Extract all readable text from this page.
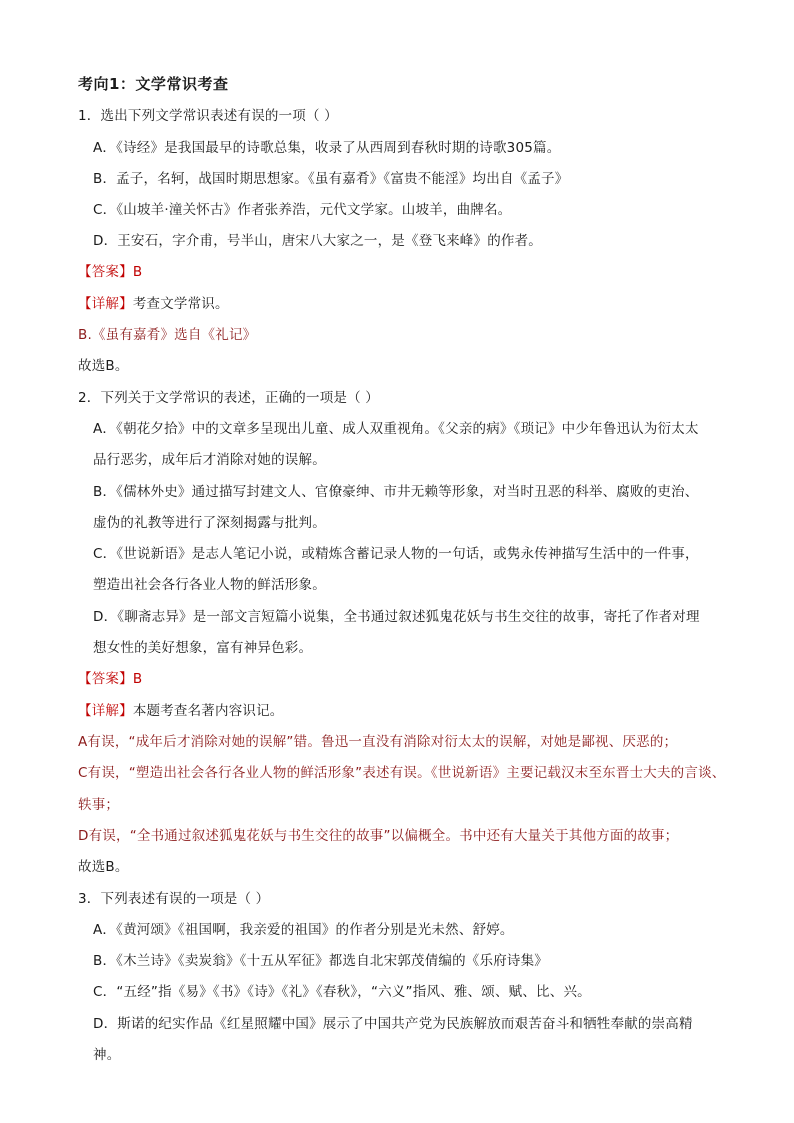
考向1：文学常识考查
1．选出下列文学常识表述有误的一项（ ）
A．《诗经》是我国最早的诗歌总集，收录了从西周到春秋时期的诗歌305篇。
B．孟子，名轲，战国时期思想家。《虽有嘉肴》《富贵不能淫》均出自《孟子》
C．《山坡羊·潼关怀古》作者张养浩，元代文学家。山坡羊，曲牌名。
D．王安石，字介甫，号半山，唐宋八大家之一，是《登飞来峰》的作者。
【答案】B
【详解】考查文学常识。
B.《虽有嘉肴》选自《礼记》
故选B。
2．下列关于文学常识的表述，正确的一项是（ ）
A．《朝花夕拾》中的文章多呈现出儿童、成人双重视角。《父亲的病》《琐记》中少年鲁迅认为衍太太
品行恶劣，成年后才消除对她的误解。
B．《儒林外史》通过描写封建文人、官僚豪绅、市井无赖等形象，对当时丑恶的科举、腐败的吏治、
虚伪的礼教等进行了深刻揭露与批判。
C．《世说新语》是志人笔记小说，或精炼含蓄记录人物的一句话，或隽永传神描写生活中的一件事，
塑造出社会各行各业人物的鲜活形象。
D．《聊斋志异》是一部文言短篇小说集，全书通过叙述狐鬼花妖与书生交往的故事，寄托了作者对理
想女性的美好想象，富有神异色彩。
【答案】B
【详解】本题考查名著内容识记。
A有误，“成年后才消除对她的误解”错。鲁迅一直没有消除对衍太太的误解，对她是鄙视、厌恶的；
C有误，“塑造出社会各行各业人物的鲜活形象”表述有误。《世说新语》主要记载汉末至东晋士大夫的言谈、
轶事；
D有误，“全书通过叙述狐鬼花妖与书生交往的故事”以偏概全。书中还有大量关于其他方面的故事；
故选B。
3．下列表述有误的一项是（ ）
A．《黄河颂》《祖国啊，我亲爱的祖国》的作者分别是光未然、舒婷。
B．《木兰诗》《卖炭翁》《十五从军征》都选自北宋郭茂倩编的《乐府诗集》
C．“五经”指《易》《书》《诗》《礼》《春秋》，“六义”指风、雅、颂、赋、比、兴。
D．斯诺的纪实作品《红星照耀中国》展示了中国共产党为民族解放而艰苦奋斗和牺牲奉献的崇高精
神。
